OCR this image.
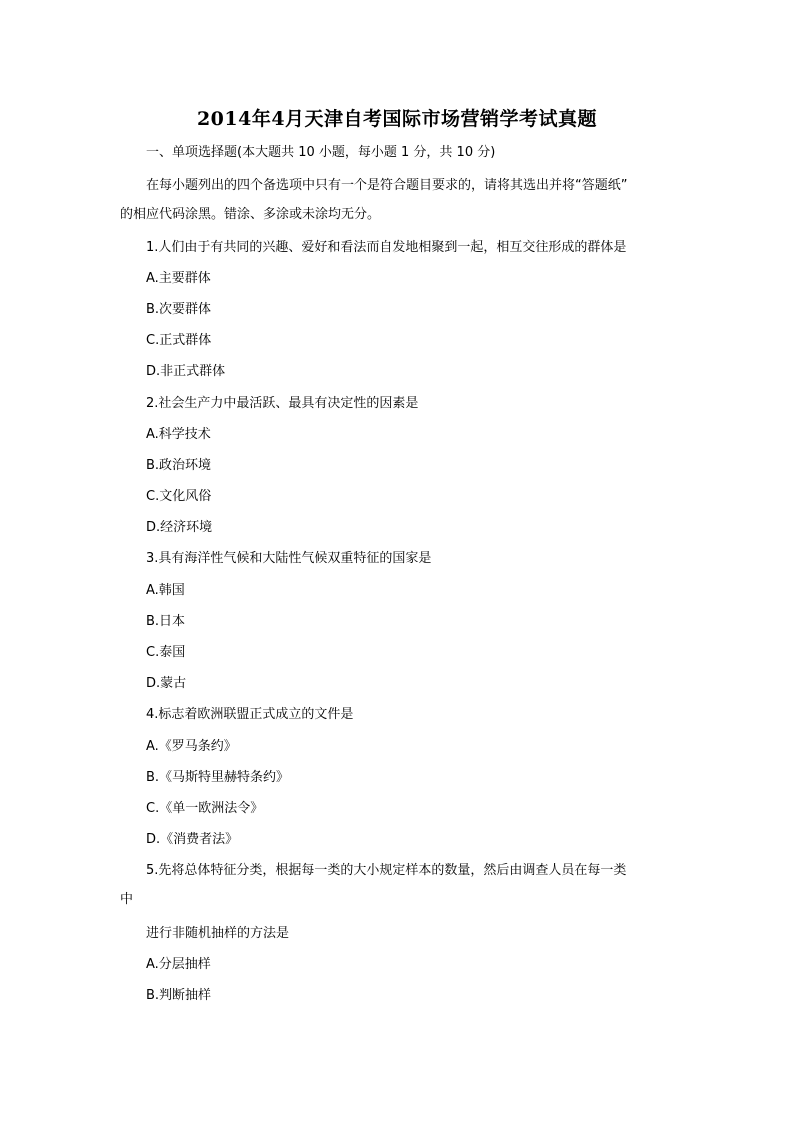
2014年4月天津自考国际市场营销学考试真题
一、单项选择题(本大题共 10 小题，每小题 1 分，共 10 分)
在每小题列出的四个备选项中只有一个是符合题目要求的，请将其选出并将“答题纸”
的相应代码涂黑。错涂、多涂或未涂均无分。
1.人们由于有共同的兴趣、爱好和看法而自发地相聚到一起，相互交往形成的群体是
A.主要群体
B.次要群体
C.正式群体
D.非正式群体
2.社会生产力中最活跃、最具有决定性的因素是
A.科学技术
B.政治环境
C.文化风俗
D.经济环境
3.具有海洋性气候和大陆性气候双重特征的国家是
A.韩国
B.日本
C.泰国
D.蒙古
4.标志着欧洲联盟正式成立的文件是
A.《罗马条约》
B.《马斯特里赫特条约》
C.《单一欧洲法令》
D.《消费者法》
5.先将总体特征分类，根据每一类的大小规定样本的数量，然后由调查人员在每一类
中
进行非随机抽样的方法是
A.分层抽样
B.判断抽样
